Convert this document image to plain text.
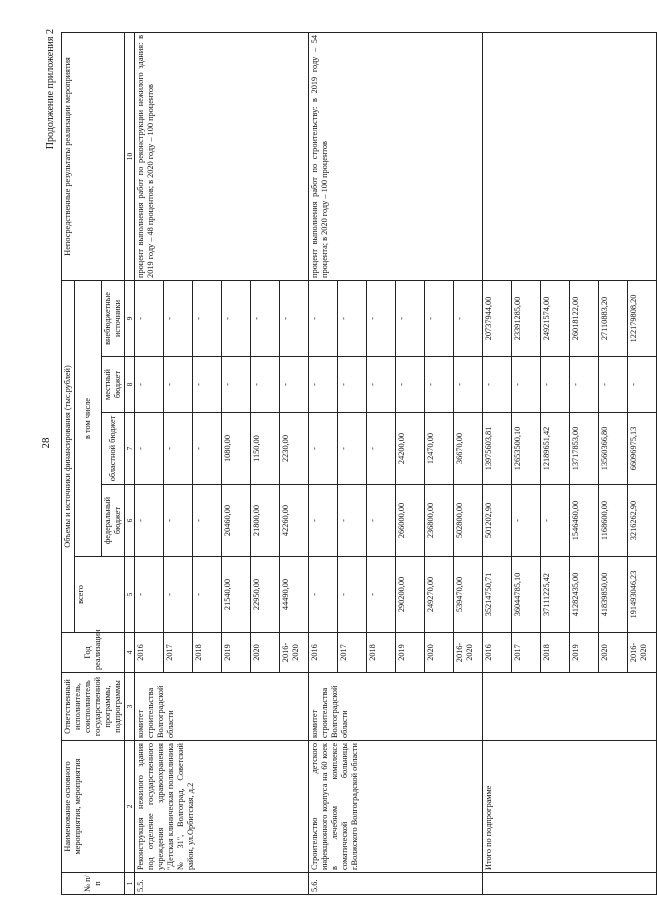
28
Продолжение приложения 2
№ п/п	Наименование основного мероприятия, мероприятия	Ответственный исполнитель, соисполнитель государственной программы, подпрограммы	Год реализации	Объемы и источники финансирования (тыс.рублей)					Непосредственные результаты реализации мероприятия
				всего	в том числе				
					федеральный бюджет	областной бюджет	местный бюджет	внебюджетные источники	
1	2	3	4	5	6	7	8	9	10
5.5.	Реконструкция нежилого здания под отделение государственного учреждения здравоохранения "Детская клиническая поликлиника № 31", Волгоград, Советский район, ул.Орбитская, д.2	комитет строительства Волгоградской области	2016	-	-	-	-	-	процент выполнения работ по реконструкции нежилого здания: в 2019 году – 48 процентов; в 2020 году – 100 процентов
			2017	-	-	-	-	-	
			2018	-	-	-	-	-	
			2019	21540,00	20460,00	1080,00	-	-	
			2020	22950,00	21800,00	1150,00	-	-	
			2016-2020	44490,00	42260,00	2230,00	-	-	
5.6.	Строительство детского инфекционного корпуса на 60 коек в лечебном комплексе соматической больницы г.Волжского Волгоградской области	комитет строительства Волгоградской области	2016	-	-	-	-	-	процент выполнения работ по строительству: в 2019 году – 54 процента; в 2020 году – 100 процентов
			2017	-	-	-	-	-	
			2018	-	-	-	-	-	
			2019	290200,00	266000,00	24200,00	-	-	
			2020	249270,00	236800,00	12470,00	-	-	
			2016-2020	539470,00	502800,00	36670,00	-	-	
	Итого по подпрограмме		2016	35214750,71	501202,90	13975603,81	-	20737944,00	
			2017	36044785,10	-	12653500,10	-	23391285,00	
			2018	37111225,42	-	12189651,42	-	24921574,00	
			2019	41282435,00	1546460,00	13717853,00	-	26018122,00	
			2020	41839850,00	1168600,00	13560366,80	-	27110883,20	
			2016-2020	191493046,23	3216262,90	66096975,13	-	122179808,20	
